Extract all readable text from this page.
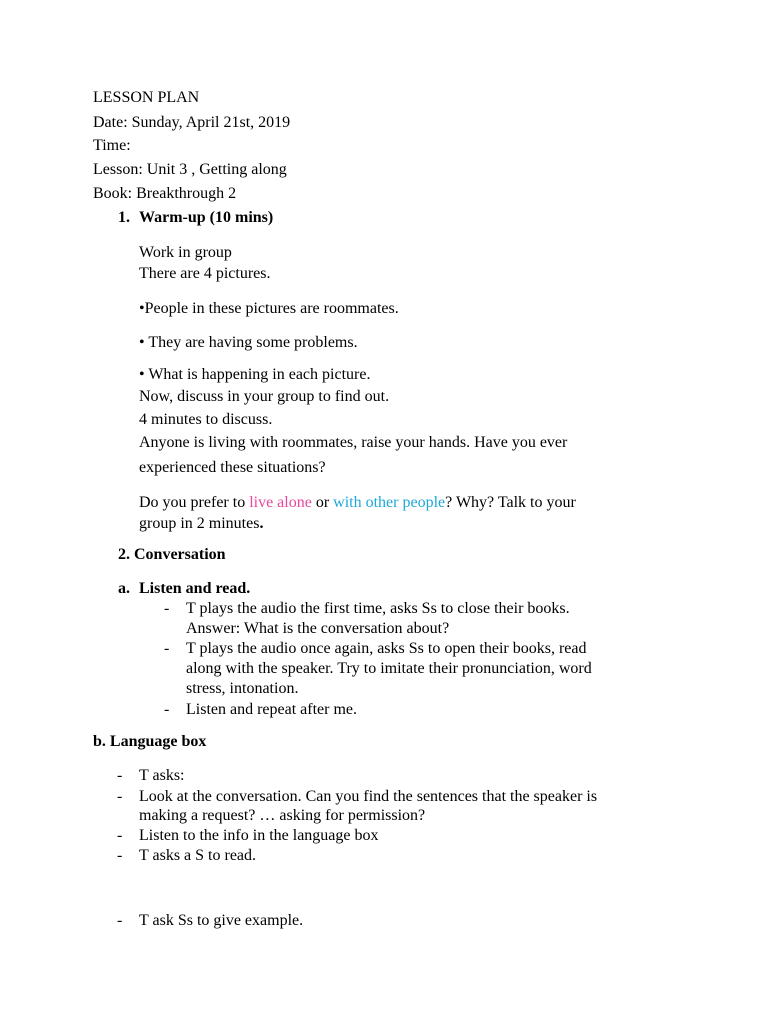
LESSON PLAN
Date: Sunday, April 21st, 2019
Time:
Lesson: Unit 3 , Getting along
Book: Breakthrough 2
1. Warm-up (10 mins)
Work in group
There are 4 pictures.
•People in these pictures are roommates.
• They are having some problems.
• What is happening in each picture.
Now, discuss in your group to find out.
4 minutes to discuss.
Anyone is living with roommates, raise your hands. Have you ever
experienced these situations?
Do you prefer to live alone or with other people? Why? Talk to your
group in 2 minutes.
2. Conversation
a. Listen and read.
- T plays the audio the first time, asks Ss to close their books.
Answer: What is the conversation about?
- T plays the audio once again, asks Ss to open their books, read
along with the speaker. Try to imitate their pronunciation, word
stress, intonation.
- Listen and repeat after me.
b. Language box
- T asks:
- Look at the conversation. Can you find the sentences that the speaker is
making a request? … asking for permission?
- Listen to the info in the language box
- T asks a S to read.
- T ask Ss to give example.
